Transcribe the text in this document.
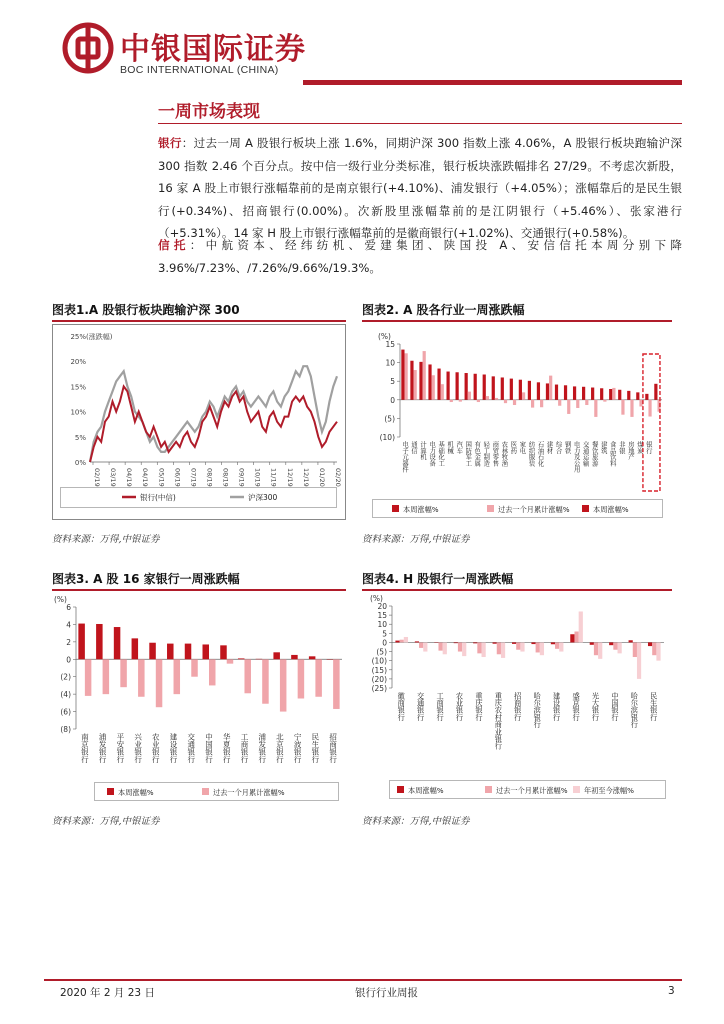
中银国际证券
BOC INTERNATIONAL (CHINA)
一周市场表现
银行：过去一周 A 股银行板块上涨 1.6%，同期沪深 300 指数上涨 4.06%，A 股银行板块跑输沪深 300 指数 2.46 个百分点。按中信一级行业分类标准，银行板块涨跌幅排名 27/29。不考虑次新股，16 家 A 股上市银行涨幅靠前的是南京银行(+4.10%)、浦发银行（+4.05%）；涨幅靠后的是民生银行(+0.34%)、招商银行(0.00%)。次新股里涨幅靠前的是江阴银行（+5.46%）、张家港行（+5.31%）。14 家 H 股上市银行涨幅靠前的是徽商银行(+1.02%)、交通银行(+0.58%)。
信托：中航资本、经纬纺机、爱建集团、陕国投 A、安信信托本周分别下降 3.96%/7.23%、/7.26%/9.66%/19.3%。
图表1.A 股银行板块跑输沪深 300
0%
5%
10%
15%
20%
25% (涨跌幅)
02/19 03/19 04/19 04/19 05/19 06/19 07/19 08/19 08/19 09/19 10/19 11/19 12/19 12/19 01/20 02/20
银行(中信)	沪深300
资料来源：万得,中银证券
图表2. A 股各行业一周涨跌幅
(%)
15
10
5
0
(5)
(10)
电子元器件 通信 计算机 电力设备 基础化工 机械 汽车 国防军工 有色金属 轻工制造 商贸零售 农林牧渔 医药 家电 纺织服装 石油石化 建材 综合 钢铁 电力及公用 交通运输 餐饮旅游 建筑 食品饮料 非银 房地产 煤炭 银行
本周涨幅%	过去一个月累计涨幅%	本周涨幅%
资料来源：万得,中银证券
图表3. A 股 16 家银行一周涨跌幅
(%)
6
4
2
0
(2)
(4)
(6)
(8)
南京银行 浦发银行 平安银行 兴业银行 农业银行 建设银行 交通银行 中国银行 华夏银行 工商银行 浦发银行 北京银行 宁波银行 民生银行 招商银行
本周涨幅%	过去一个月累计涨幅%
资料来源：万得,中银证券
图表4. H 股银行一周涨跌幅
(%)
20
15
10
5
0
(5)
(10)
(15)
(20)
(25)
徽商银行 交通银行 工商银行 农业银行 重庆银行 重庆农村商业银行 招商银行 哈尔滨银行 建设银行 盛京银行 光大银行 中国银行 哈尔滨银行 民生银行
本周涨幅%	过去一个月累计涨幅% 年初至今涨幅%
资料来源：万得,中银证券
2020 年 2 月 23 日	银行行业周报	3
